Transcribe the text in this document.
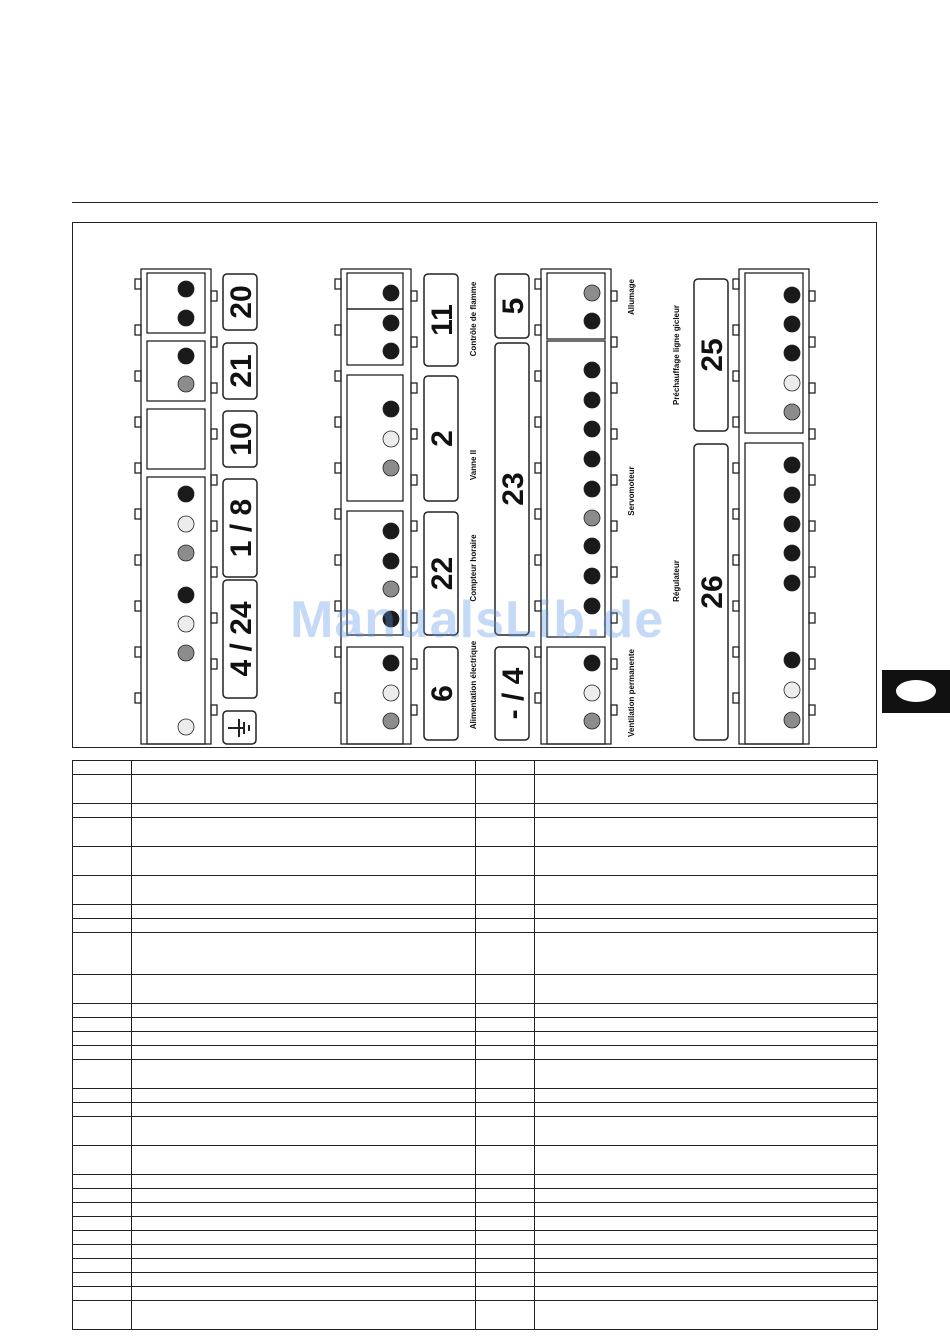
20
21
10
1 / 8
4 / 24
11
2
22
6
5
23
- / 4
25
26
Contrôle de flamme
Vanne II
Compteur horaire
Alimentation électrique
Allumage
Servomoteur
Ventilation permanente
Préchauffage ligne gicleur
Régulateur
ManualsLib.de
